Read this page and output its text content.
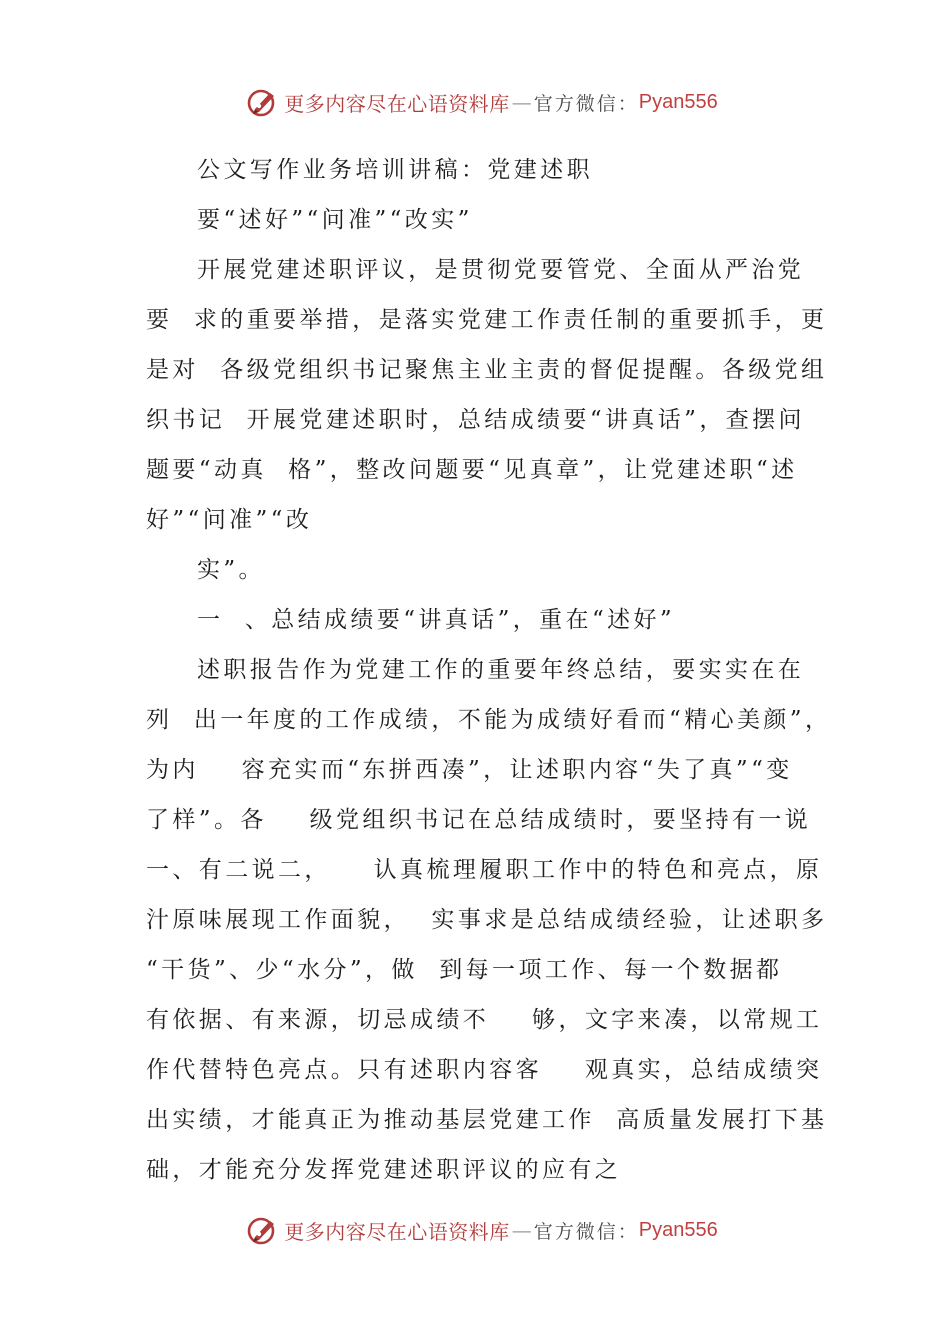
更多内容尽在心语资料库 — 官方微信： Pyan556
公文写作业务培训讲稿：党建述职
要“述好”“问准”“改实”
开展党建述职评议，是贯彻党要管党、全面从严治党
要  求的重要举措，是落实党建工作责任制的重要抓手，更
是对  各级党组织书记聚焦主业主责的督促提醒。各级党组
织书记  开展党建述职时，总结成绩要“讲真话”，查摆问
题要“动真  格”，整改问题要“见真章”，让党建述职“述
好”“问准”“改
实”。
一  、总结成绩要“讲真话”，重在“述好”
述职报告作为党建工作的重要年终总结，要实实在在
列  出一年度的工作成绩，不能为成绩好看而“精心美颜”，
为内    容充实而“东拼西凑”，让述职内容“失了真”“变
了样”。各    级党组织书记在总结成绩时，要坚持有一说
一、有二说二，    认真梳理履职工作中的特色和亮点，原
汁原味展现工作面貌，  实事求是总结成绩经验，让述职多
“干货”、少“水分”，做  到每一项工作、每一个数据都
有依据、有来源，切忌成绩不    够，文字来凑，以常规工
作代替特色亮点。只有述职内容客    观真实，总结成绩突
出实绩，才能真正为推动基层党建工作  高质量发展打下基
础，才能充分发挥党建述职评议的应有之
更多内容尽在心语资料库 — 官方微信： Pyan556
